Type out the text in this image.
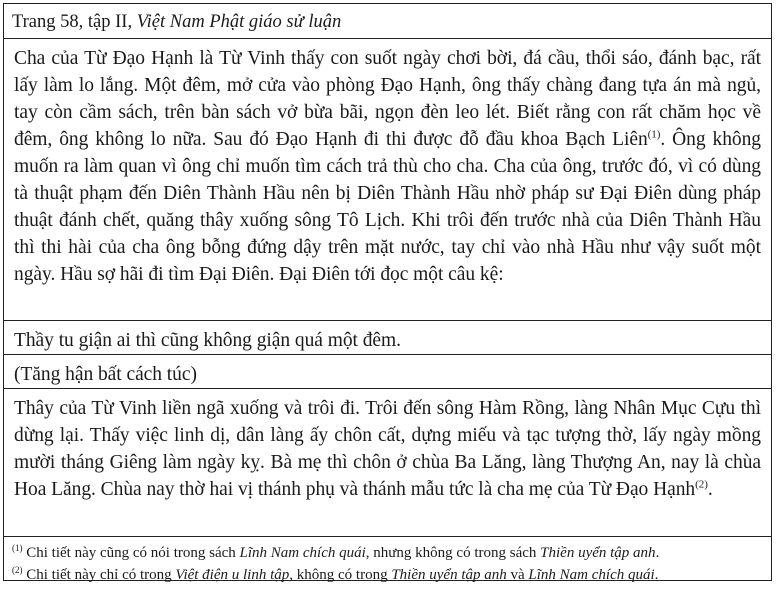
Trang 58, tập II, Việt Nam Phật giáo sử luận

Cha của Từ Đạo Hạnh là Từ Vinh thấy con suốt ngày chơi bời, đá cầu, thổi sáo, đánh bạc, rất lấy làm lo lắng. Một đêm, mở cửa vào phòng Đạo Hạnh, ông thấy chàng đang tựa án mà ngủ, tay còn cầm sách, trên bàn sách vở bừa bãi, ngọn đèn leo lét. Biết rằng con rất chăm học về đêm, ông không lo nữa. Sau đó Đạo Hạnh đi thi được đỗ đầu khoa Bạch Liên$^{(1)}$. Ông không muốn ra làm quan vì ông chỉ muốn tìm cách trả thù cho cha. Cha của ông, trước đó, vì có dùng tà thuật phạm đến Diên Thành Hầu nên bị Diên Thành Hầu nhờ pháp sư Đại Điên dùng pháp thuật đánh chết, quăng thây xuống sông Tô Lịch. Khi trôi đến trước nhà của Diên Thành Hầu thì thi hài của cha ông bỗng đứng dậy trên mặt nước, tay chỉ vào nhà Hầu như vậy suốt một ngày. Hầu sợ hãi đi tìm Đại Điên. Đại Điên tới đọc một câu kệ:

Thầy tu giận ai thì cũng không giận quá một đêm.

(Tăng hận bất cách túc)

Thây của Từ Vinh liền ngã xuống và trôi đi. Trôi đến sông Hàm Rồng, làng Nhân Mục Cựu thì dừng lại. Thấy việc linh dị, dân làng ấy chôn cất, dựng miếu và tạc tượng thờ, lấy ngày mồng mười tháng Giêng làm ngày kỵ. Bà mẹ thì chôn ở chùa Ba Lăng, làng Thượng An, nay là chùa Hoa Lăng. Chùa nay thờ hai vị thánh phụ và thánh mẫu tức là cha mẹ của Từ Đạo Hạnh$^{(2)}$.

$^{(1)}$ Chi tiết này cũng có nói trong sách Lĩnh Nam chích quái, nhưng không có trong sách Thiền uyển tập anh.

$^{(2)}$ Chi tiết này chỉ có trong Việt điện u linh tập, không có trong Thiền uyển tập anh và Lĩnh Nam chích quái.
